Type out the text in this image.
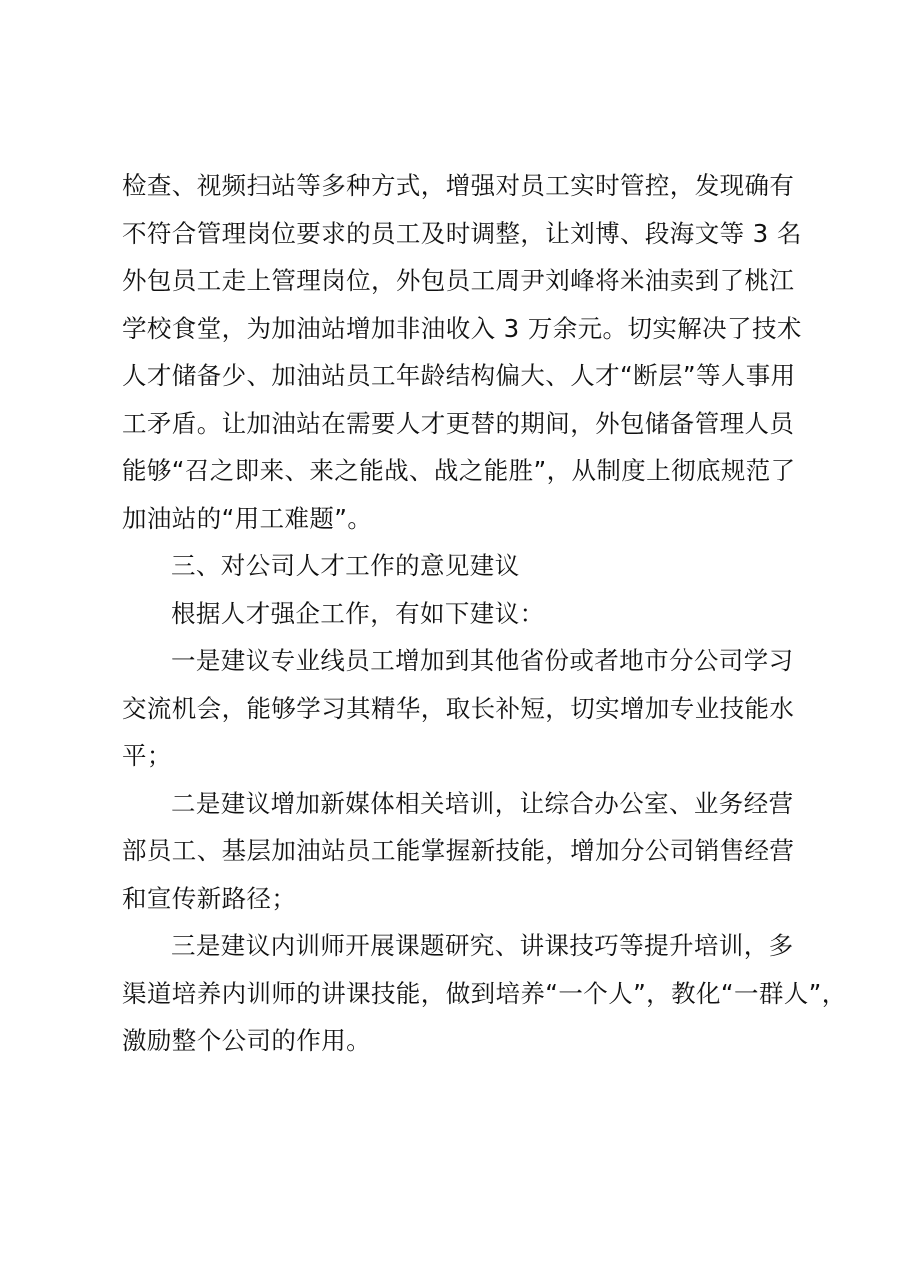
检查、视频扫站等多种方式，增强对员工实时管控，发现确有
不符合管理岗位要求的员工及时调整，让刘博、段海文等 3 名
外包员工走上管理岗位，外包员工周尹刘峰将米油卖到了桃江
学校食堂，为加油站增加非油收入 3 万余元。切实解决了技术
人才储备少、加油站员工年龄结构偏大、人才“断层”等人事用
工矛盾。让加油站在需要人才更替的期间，外包储备管理人员
能够“召之即来、来之能战、战之能胜”，从制度上彻底规范了
加油站的“用工难题”。

三、对公司人才工作的意见建议

根据人才强企工作，有如下建议：

一是建议专业线员工增加到其他省份或者地市分公司学习
交流机会，能够学习其精华，取长补短，切实增加专业技能水
平；

二是建议增加新媒体相关培训，让综合办公室、业务经营
部员工、基层加油站员工能掌握新技能，增加分公司销售经营
和宣传新路径；

三是建议内训师开展课题研究、讲课技巧等提升培训，多
渠道培养内训师的讲课技能，做到培养“一个人”，教化“一群人”，
激励整个公司的作用。
